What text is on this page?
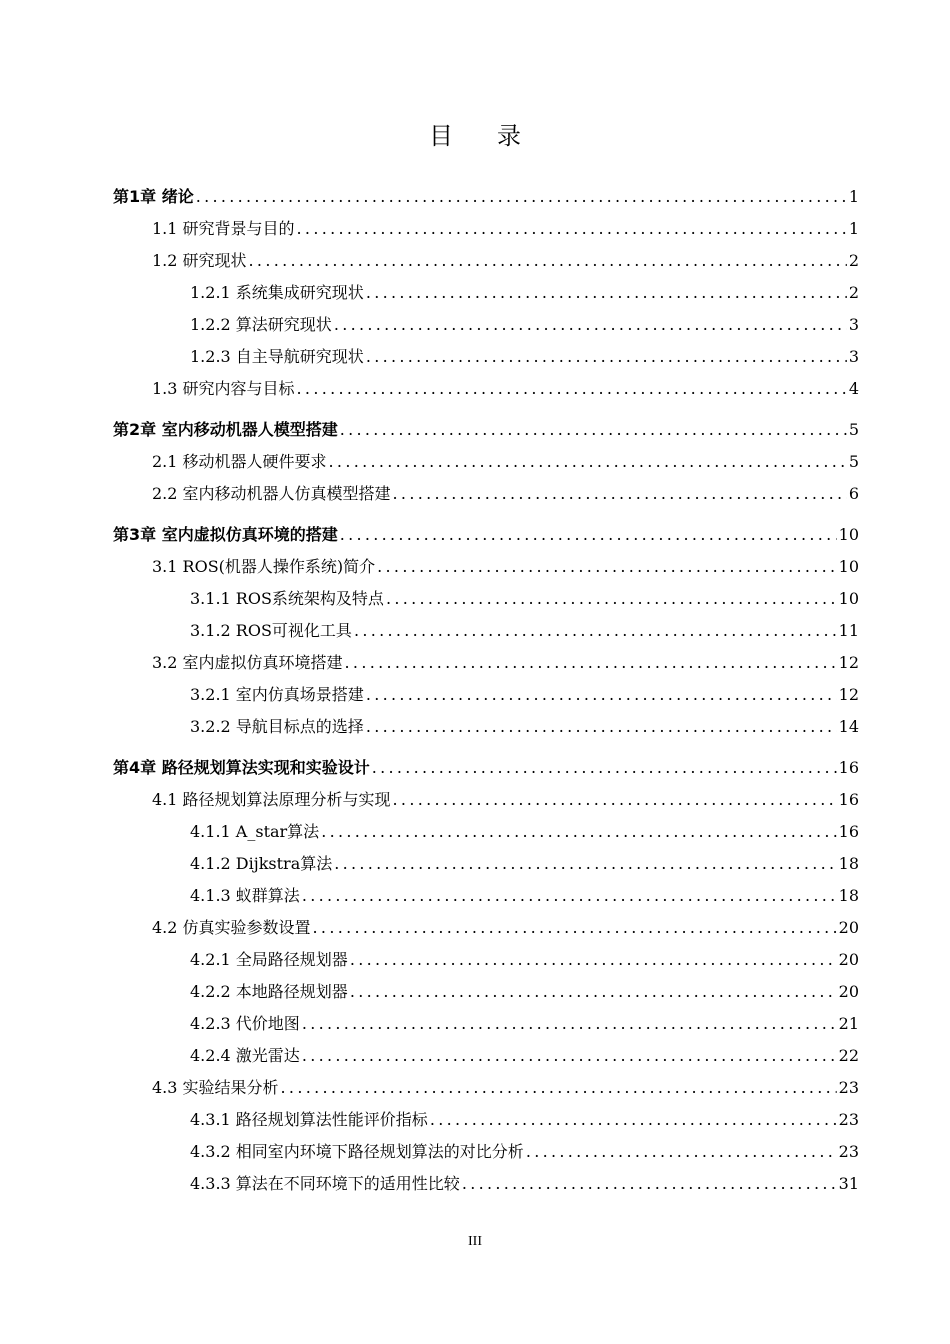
目录
第1章 绪论 .....	1
1.1 研究背景与目的 .....	1
1.2 研究现状 .....	2
1.2.1 系统集成研究现状 .....	2
1.2.2 算法研究现状 .....	3
1.2.3 自主导航研究现状 .....	3
1.3 研究内容与目标 .....	4
第2章 室内移动机器人模型搭建 .....	5
2.1 移动机器人硬件要求 .....	5
2.2 室内移动机器人仿真模型搭建 .....	6
第3章 室内虚拟仿真环境的搭建 .....	10
3.1 ROS(机器人操作系统)简介 .....	10
3.1.1 ROS系统架构及特点 .....	10
3.1.2 ROS可视化工具 .....	11
3.2 室内虚拟仿真环境搭建 .....	12
3.2.1 室内仿真场景搭建 .....	12
3.2.2 导航目标点的选择 .....	14
第4章 路径规划算法实现和实验设计 .....	16
4.1 路径规划算法原理分析与实现 .....	16
4.1.1 A_star算法 .....	16
4.1.2 Dijkstra算法 .....	18
4.1.3 蚁群算法 .....	18
4.2 仿真实验参数设置 .....	20
4.2.1 全局路径规划器 .....	20
4.2.2 本地路径规划器 .....	20
4.2.3 代价地图 .....	21
4.2.4 激光雷达 .....	22
4.3 实验结果分析 .....	23
4.3.1 路径规划算法性能评价指标 .....	23
4.3.2 相同室内环境下路径规划算法的对比分析 .....	23
4.3.3 算法在不同环境下的适用性比较 .....	31
III
